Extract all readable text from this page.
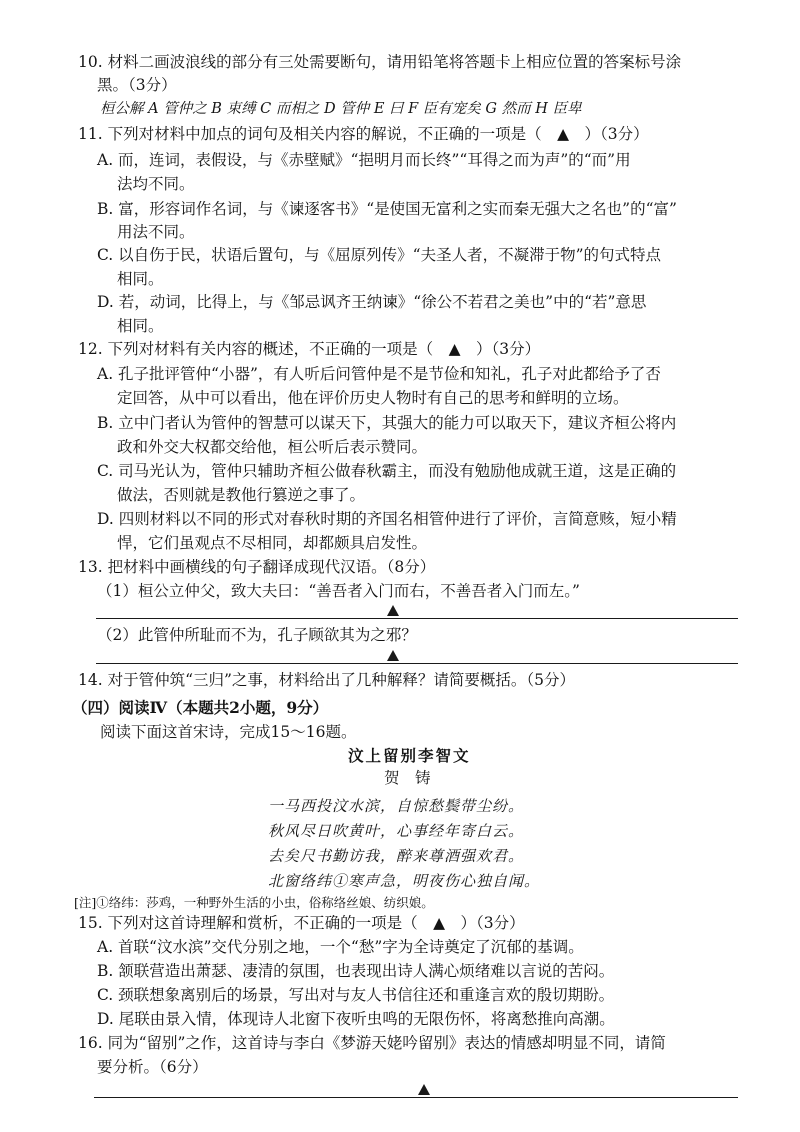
10. 材料二画波浪线的部分有三处需要断句，请用铅笔将答题卡上相应位置的答案标号涂
黑。（3分）
桓公解 A 管仲之 B 束缚 C 而相之 D 管仲 E 曰 F 臣有宠矣 G 然而 H 臣卑
11. 下列对材料中加点的词句及相关内容的解说，不正确的一项是（　▲　）（3分）
A. 而，连词，表假设，与《赤壁赋》“挹明月而长终”“耳得之而为声”的“而”用
法均不同。
B. 富，形容词作名词，与《谏逐客书》“是使国无富利之实而秦无强大之名也”的“富”
用法不同。
C. 以自伤于民，状语后置句，与《屈原列传》“夫圣人者，不凝滞于物”的句式特点
相同。
D. 若，动词，比得上，与《邹忌讽齐王纳谏》“徐公不若君之美也”中的“若”意思
相同。
12. 下列对材料有关内容的概述，不正确的一项是（　▲　）（3分）
A. 孔子批评管仲“小器”，有人听后问管仲是不是节俭和知礼，孔子对此都给予了否
定回答，从中可以看出，他在评价历史人物时有自己的思考和鲜明的立场。
B. 立中门者认为管仲的智慧可以谋天下，其强大的能力可以取天下，建议齐桓公将内
政和外交大权都交给他，桓公听后表示赞同。
C. 司马光认为，管仲只辅助齐桓公做春秋霸主，而没有勉励他成就王道，这是正确的
做法，否则就是教他行篡逆之事了。
D. 四则材料以不同的形式对春秋时期的齐国名相管仲进行了评价，言简意赅，短小精
悍，它们虽观点不尽相同，却都颇具启发性。
13. 把材料中画横线的句子翻译成现代汉语。（8分）
（1）桓公立仲父，致大夫曰：“善吾者入门而右，不善吾者入门而左。”
（2）此管仲所耻而不为，孔子顾欲其为之邪？
14. 对于管仲筑“三归”之事，材料给出了几种解释？请简要概括。（5分）
（四）阅读Ⅳ（本题共2小题，9分）
阅读下面这首宋诗，完成15～16题。
汶上留别李智文
贺　铸
一马西投汶水滨，自惊愁鬓带尘纷。
秋风尽日吹黄叶，心事经年寄白云。
去矣尺书勤访我，醉来尊酒强欢君。
北窗络纬①寒声急，明夜伤心独自闻。
[注]①络纬：莎鸡，一种野外生活的小虫，俗称络丝娘、纺织娘。
15. 下列对这首诗理解和赏析，不正确的一项是（　▲　）（3分）
A. 首联“汶水滨”交代分别之地，一个“愁”字为全诗奠定了沉郁的基调。
B. 颔联营造出萧瑟、凄清的氛围，也表现出诗人满心烦绪难以言说的苦闷。
C. 颈联想象离别后的场景，写出对与友人书信往还和重逢言欢的殷切期盼。
D. 尾联由景入情，体现诗人北窗下夜听虫鸣的无限伤怀，将离愁推向高潮。
16. 同为“留别”之作，这首诗与李白《梦游天姥吟留别》表达的情感却明显不同，请简
要分析。（6分）
